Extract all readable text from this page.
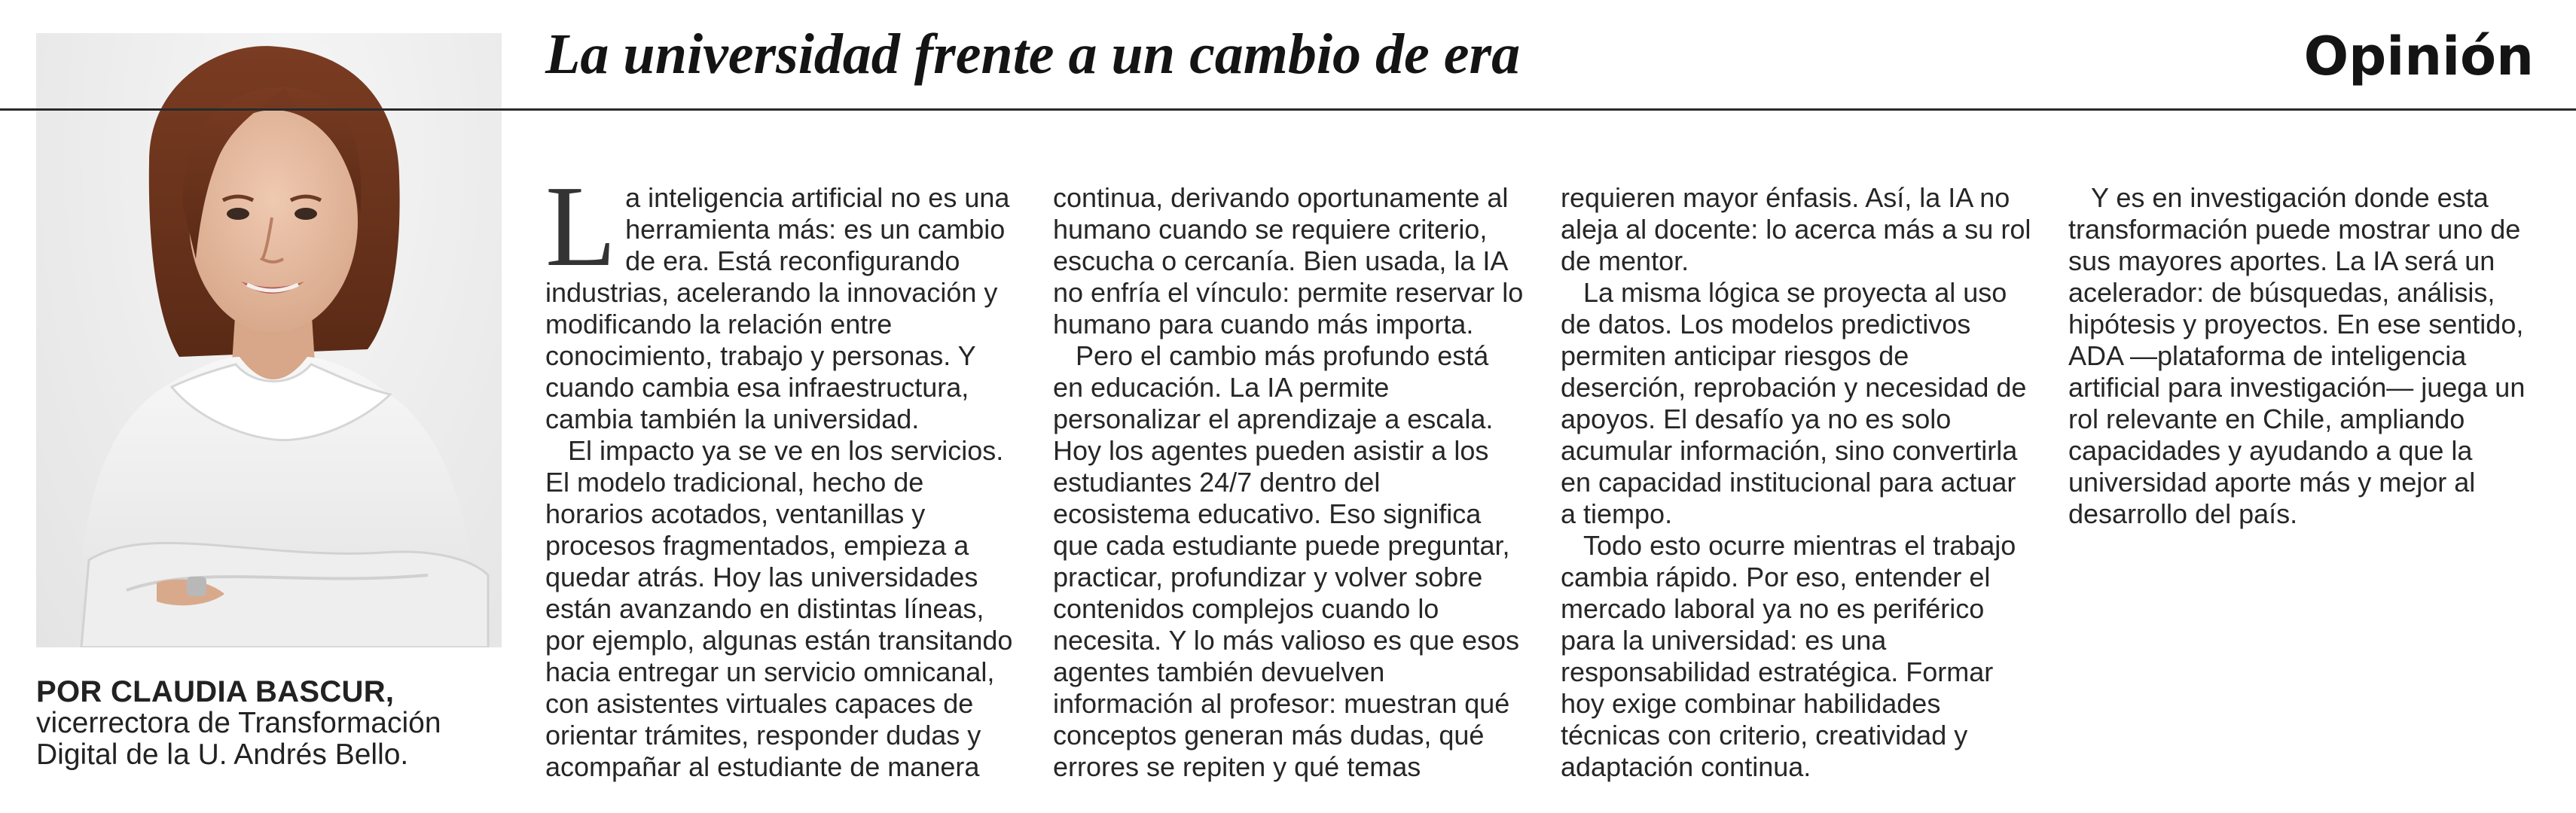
La universidad frente a un cambio de era	Opinión
POR CLAUDIA BASCUR,
vicerrectora de Transformación
Digital de la U. Andrés Bello.

La inteligencia artificial no es una herramienta más: es un cambio de era. Está reconfigurando industrias, acelerando la innovación y modificando la relación entre conocimiento, trabajo y personas. Y cuando cambia esa infraestructura, cambia también la universidad.

El impacto ya se ve en los servicios. El modelo tradicional, hecho de horarios acotados, ventanillas y procesos fragmentados, empieza a quedar atrás. Hoy las universidades están avanzando en distintas líneas, por ejemplo, algunas están transitando hacia entregar un servicio omnicanal, con asistentes virtuales capaces de orientar trámites, responder dudas y acompañar al estudiante de manera continua, derivando oportunamente al humano cuando se requiere criterio, escucha o cercanía. Bien usada, la IA no enfría el vínculo: permite reservar lo humano para cuando más importa.

Pero el cambio más profundo está en educación. La IA permite personalizar el aprendizaje a escala. Hoy los agentes pueden asistir a los estudiantes 24/7 dentro del ecosistema educativo. Eso significa que cada estudiante puede preguntar, practicar, profundizar y volver sobre contenidos complejos cuando lo necesita. Y lo más valioso es que esos agentes también devuelven información al profesor: muestran qué conceptos generan más dudas, qué errores se repiten y qué temas requieren mayor énfasis. Así, la IA no aleja al docente: lo acerca más a su rol de mentor.

La misma lógica se proyecta al uso de datos. Los modelos predictivos permiten anticipar riesgos de deserción, reprobación y necesidad de apoyos. El desafío ya no es solo acumular información, sino convertirla en capacidad institucional para actuar a tiempo.

Todo esto ocurre mientras el trabajo cambia rápido. Por eso, entender el mercado laboral ya no es periférico para la universidad: es una responsabilidad estratégica. Formar hoy exige combinar habilidades técnicas con criterio, creatividad y adaptación continua.

Y es en investigación donde esta transformación puede mostrar uno de sus mayores aportes. La IA será un acelerador: de búsquedas, análisis, hipótesis y proyectos. En ese sentido, ADA —plataforma de inteligencia artificial para investigación— juega un rol relevante en Chile, ampliando capacidades y ayudando a que la universidad aporte más y mejor al desarrollo del país.
